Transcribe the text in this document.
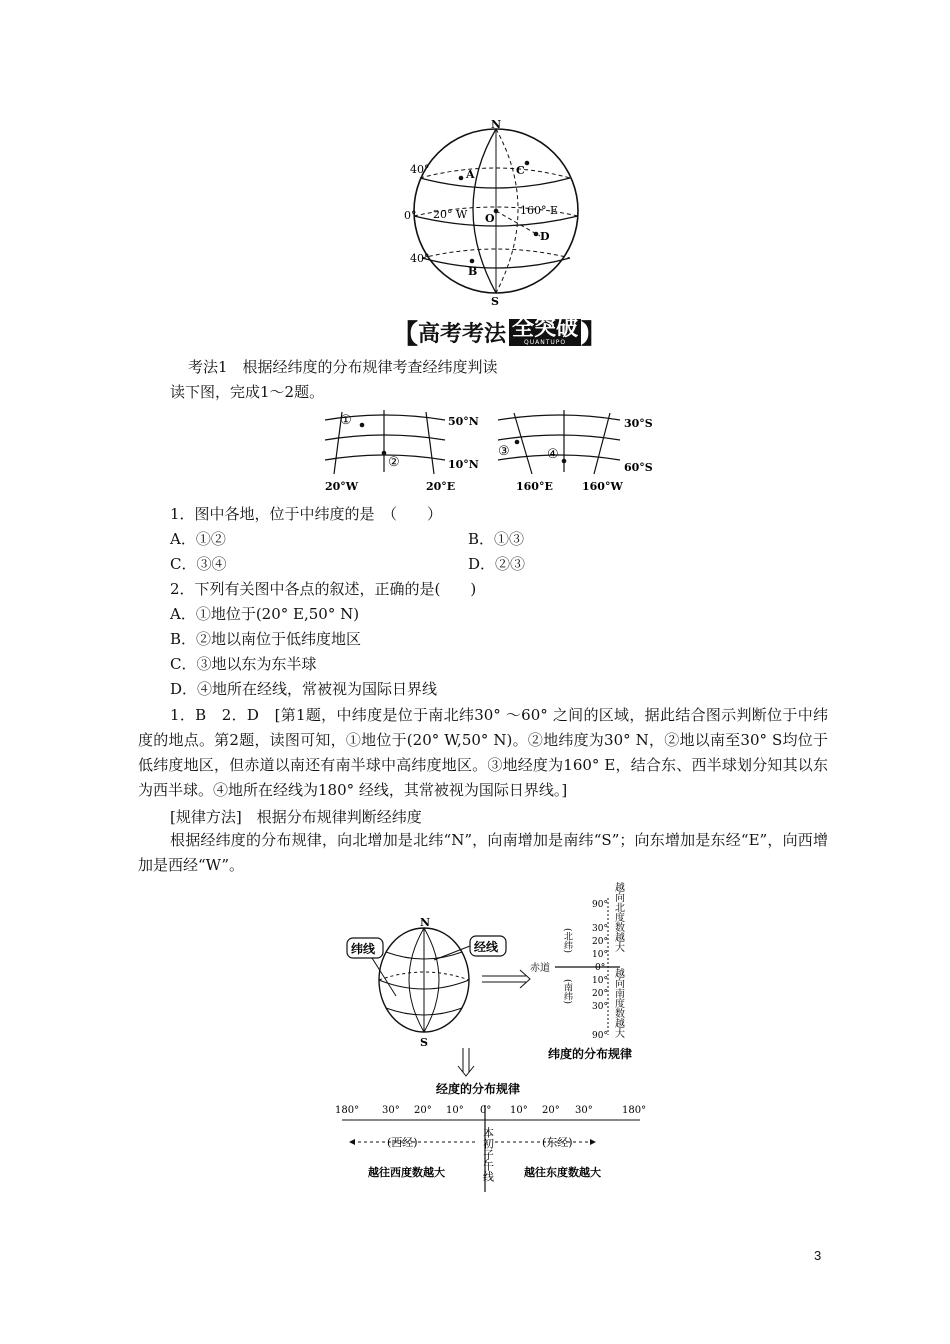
N
S
A	C
O
D
B
40°
0°
40°
20° W	160° E
【 高考考法 全突破
QUANTUPO 】
考法1　根据经纬度的分布规律考查经纬度判读
读下图，完成1～2题。
①
②
50°N
10°N
20°W	20°E
③	④
30°S
60°S
160°E	160°W
1．图中各地，位于中纬度的是　（　　）
A．①②	B．①③
C．③④	D．②③
2．下列有关图中各点的叙述，正确的是(　　)
A．①地位于(20° E,50° N)
B．②地以南位于低纬度地区
C．③地以东为东半球
D．④地所在经线，常被视为国际日界线
1．B　2．D　[第1题，中纬度是位于南北纬30° ～60° 之间的区域，据此结合图示判断位于中纬度的地点。第2题，读图可知，①地位于(20° W,50° N)。②地纬度为30° N，②地以南至30° S均位于低纬度地区，但赤道以南还有南半球中高纬度地区。③地经度为160° E，结合东、西半球划分知其以东为西半球。④地所在经线为180° 经线，其常被视为国际日界线。]
[规律方法]　根据分布规律判断经纬度
根据经纬度的分布规律，向北增加是北纬“N”，向南增加是南纬“S”；向东增加是东经“E”，向西增加是西经“W”。
纬线	经线
N
S
90°
30°
20°
10°
0°
10°
20°
30°
90°
赤道
(北纬)
(南纬)
越向北度数越大
越向南度数越大
纬度的分布规律
经度的分布规律
180° 30° 20° 10° 0° 10° 20° 30°	180°
(西经)	(东经)
本初子午线
越往西度数越大	越往东度数越大
3
